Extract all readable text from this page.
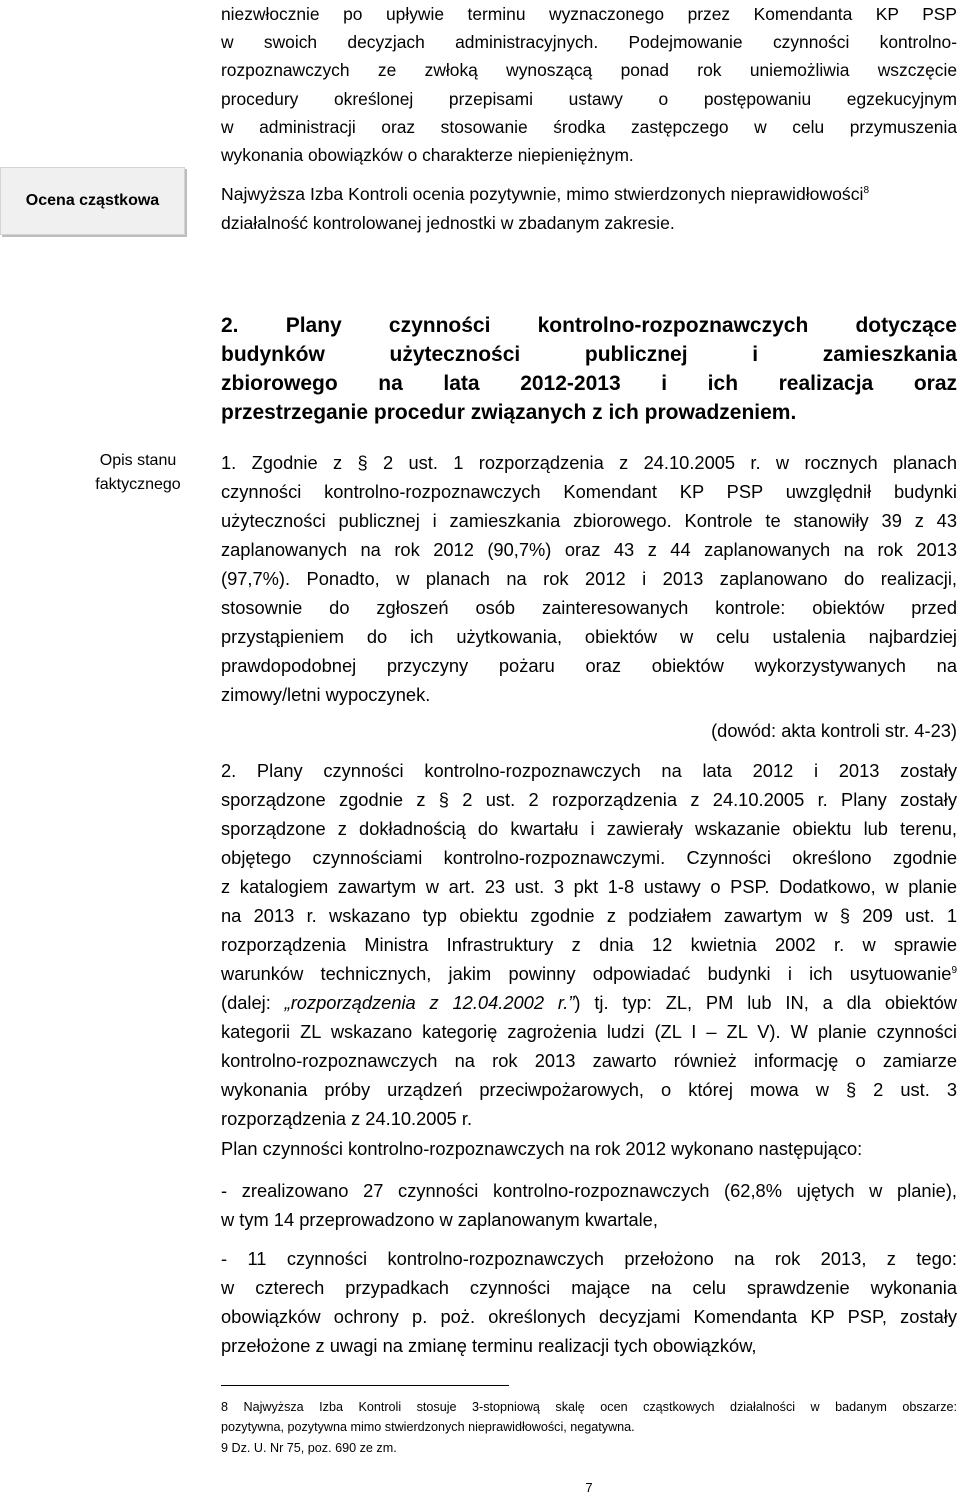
niezwłocznie po upływie terminu wyznaczonego przez Komendanta KP PSP
w swoich decyzjach administracyjnych. Podejmowanie czynności kontrolno-
rozpoznawczych ze zwłoką wynoszącą ponad rok uniemożliwia wszczęcie
procedury określonej przepisami ustawy o postępowaniu egzekucyjnym
w administracji oraz stosowanie środka zastępczego w celu przymuszenia
wykonania obowiązków o charakterze niepieniężnym.
Ocena cząstkowa	Najwyższa Izba Kontroli ocenia pozytywnie, mimo stwierdzonych nieprawidłowości$^8$
działalność kontrolowanej jednostki w zbadanym zakresie.
2. Plany czynności kontrolno-rozpoznawczych dotyczące
budynków użyteczności publicznej i zamieszkania
zbiorowego na lata 2012-2013 i ich realizacja oraz
przestrzeganie procedur związanych z ich prowadzeniem.
Opis stanu
faktycznego
1. Zgodnie z § 2 ust. 1 rozporządzenia z 24.10.2005 r. w rocznych planach
czynności kontrolno-rozpoznawczych Komendant KP PSP uwzględnił budynki
użyteczności publicznej i zamieszkania zbiorowego. Kontrole te stanowiły 39 z 43
zaplanowanych na rok 2012 (90,7%) oraz 43 z 44 zaplanowanych na rok 2013
(97,7%). Ponadto, w planach na rok 2012 i 2013 zaplanowano do realizacji,
stosownie do zgłoszeń osób zainteresowanych kontrole: obiektów przed
przystąpieniem do ich użytkowania, obiektów w celu ustalenia najbardziej
prawdopodobnej przyczyny pożaru oraz obiektów wykorzystywanych na
zimowy/letni wypoczynek.
(dowód: akta kontroli str. 4-23)
2. Plany czynności kontrolno-rozpoznawczych na lata 2012 i 2013 zostały
sporządzone zgodnie z § 2 ust. 2 rozporządzenia z 24.10.2005 r. Plany zostały
sporządzone z dokładnością do kwartału i zawierały wskazanie obiektu lub terenu,
objętego czynnościami kontrolno-rozpoznawczymi. Czynności określono zgodnie
z katalogiem zawartym w art. 23 ust. 3 pkt 1-8 ustawy o PSP. Dodatkowo, w planie
na 2013 r. wskazano typ obiektu zgodnie z podziałem zawartym w § 209 ust. 1
rozporządzenia Ministra Infrastruktury z dnia 12 kwietnia 2002 r. w sprawie
warunków technicznych, jakim powinny odpowiadać budynki i ich usytuowanie$^9$
(dalej: „rozporządzenia z 12.04.2002 r.”) tj. typ: ZL, PM lub IN, a dla obiektów
kategorii ZL wskazano kategorię zagrożenia ludzi (ZL I – ZL V). W planie czynności
kontrolno-rozpoznawczych na rok 2013 zawarto również informację o zamiarze
wykonania próby urządzeń przeciwpożarowych, o której mowa w § 2 ust. 3
rozporządzenia z 24.10.2005 r.
Plan czynności kontrolno-rozpoznawczych na rok 2012 wykonano następująco:
- zrealizowano 27 czynności kontrolno-rozpoznawczych (62,8% ujętych w planie),
w tym 14 przeprowadzono w zaplanowanym kwartale,
- 11 czynności kontrolno-rozpoznawczych przełożono na rok 2013, z tego:
w czterech przypadkach czynności mające na celu sprawdzenie wykonania
obowiązków ochrony p. poż. określonych decyzjami Komendanta KP PSP, zostały
przełożone z uwagi na zmianę terminu realizacji tych obowiązków,
8 Najwyższa Izba Kontroli stosuje 3-stopniową skalę ocen cząstkowych działalności w badanym obszarze:
pozytywna, pozytywna mimo stwierdzonych nieprawidłowości, negatywna.
9 Dz. U. Nr 75, poz. 690 ze zm.
7
